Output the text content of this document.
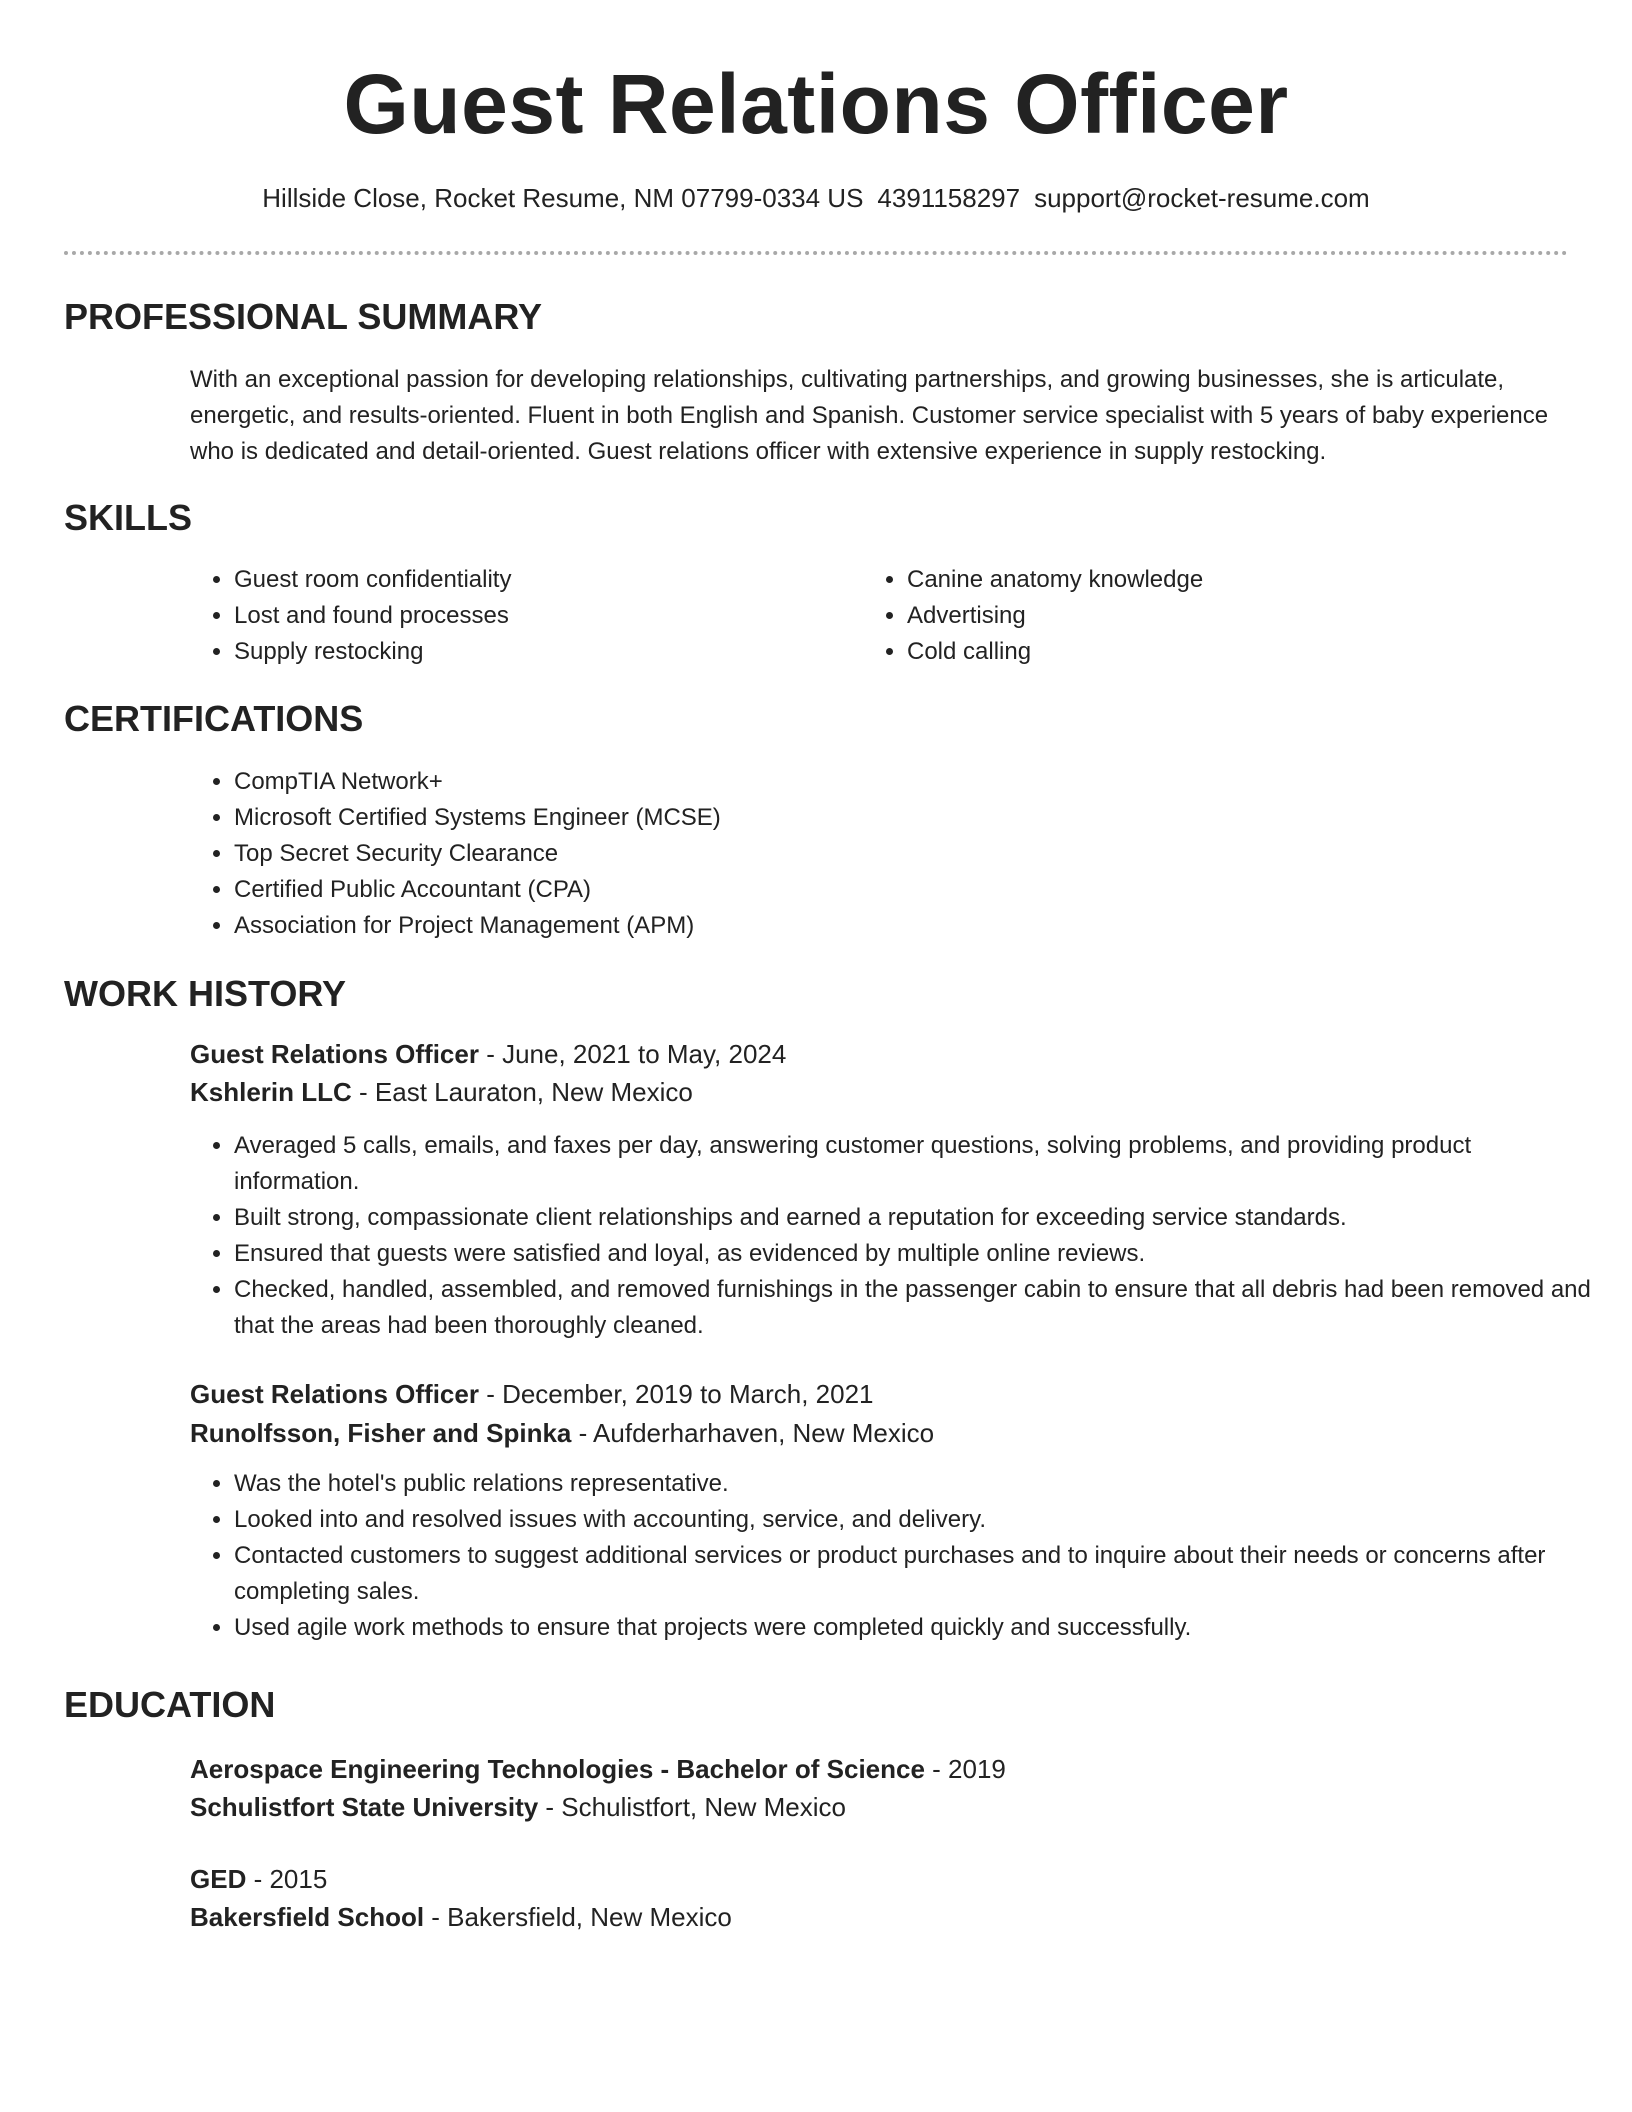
Guest Relations Officer
Hillside Close, Rocket Resume, NM 07799-0334 US 4391158297 support@rocket-resume.com
PROFESSIONAL SUMMARY

With an exceptional passion for developing relationships, cultivating partnerships, and growing businesses, she is articulate, energetic, and results-oriented. Fluent in both English and Spanish. Customer service specialist with 5 years of baby experience who is dedicated and detail-oriented. Guest relations officer with extensive experience in supply restocking.

SKILLS
• Guest room confidentiality
• Lost and found processes
• Supply restocking
• Canine anatomy knowledge
• Advertising
• Cold calling
CERTIFICATIONS
• CompTIA Network+
• Microsoft Certified Systems Engineer (MCSE)
• Top Secret Security Clearance
• Certified Public Accountant (CPA)
• Association for Project Management (APM)
WORK HISTORY
Guest Relations Officer - June, 2021 to May, 2024
Kshlerin LLC - East Lauraton, New Mexico
• Averaged 5 calls, emails, and faxes per day, answering customer questions, solving problems, and providing product information.
• Built strong, compassionate client relationships and earned a reputation for exceeding service standards.
• Ensured that guests were satisfied and loyal, as evidenced by multiple online reviews.
• Checked, handled, assembled, and removed furnishings in the passenger cabin to ensure that all debris had been removed and that the areas had been thoroughly cleaned.
Guest Relations Officer - December, 2019 to March, 2021
Runolfsson, Fisher and Spinka - Aufderharhaven, New Mexico
• Was the hotel's public relations representative.
• Looked into and resolved issues with accounting, service, and delivery.
• Contacted customers to suggest additional services or product purchases and to inquire about their needs or concerns after completing sales.
• Used agile work methods to ensure that projects were completed quickly and successfully.
EDUCATION
Aerospace Engineering Technologies - Bachelor of Science - 2019
Schulistfort State University - Schulistfort, New Mexico
GED - 2015
Bakersfield School - Bakersfield, New Mexico
